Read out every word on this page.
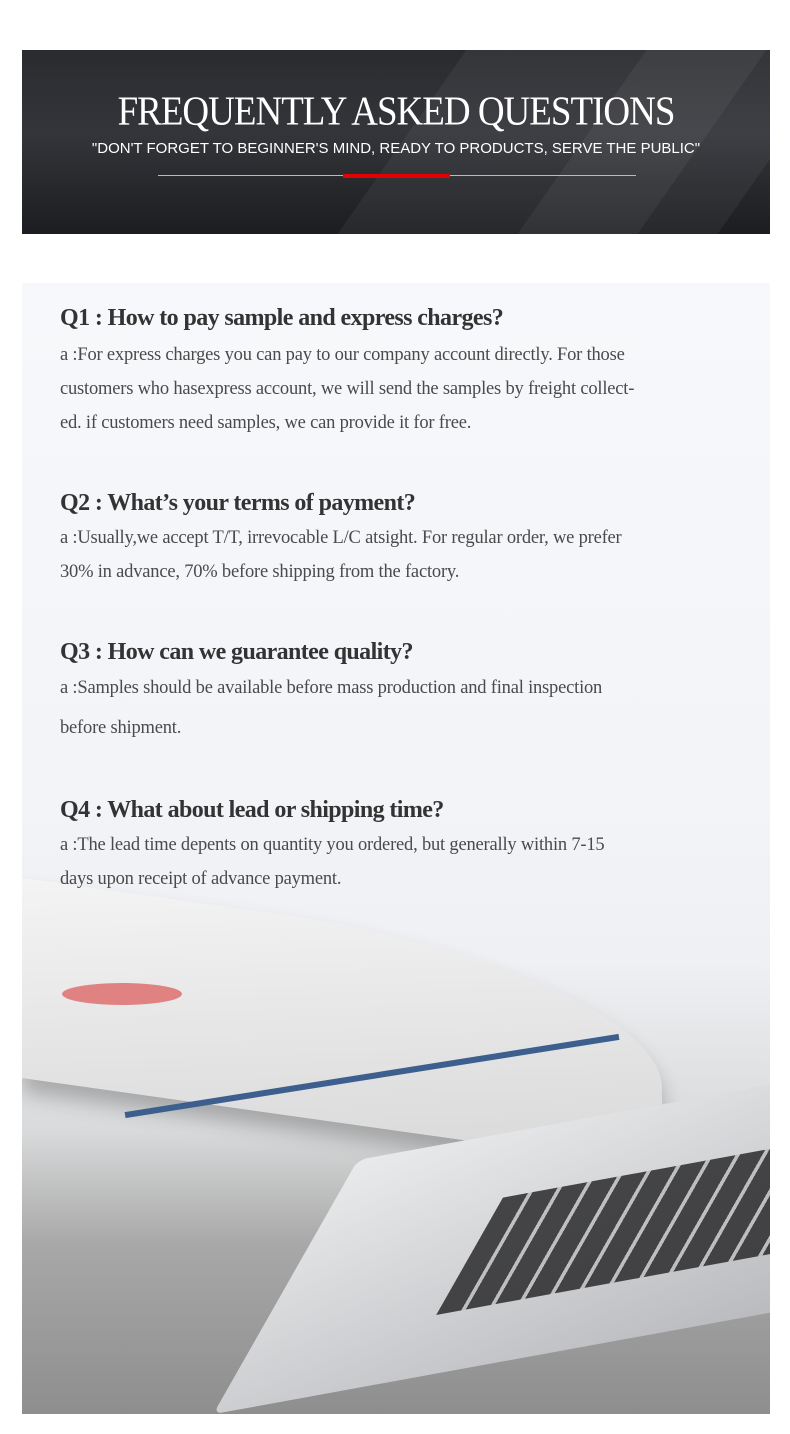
FREQUENTLY ASKED QUESTIONS
"DON'T FORGET TO BEGINNER'S MIND, READY TO PRODUCTS, SERVE THE PUBLIC"

Q1 : How to pay sample and express charges?

a :For express charges you can pay to our company account directly. For those
customers who hasexpress account, we will send the samples by freight collect-
ed. if customers need samples, we can provide it for free.

Q2 : What’s your terms of payment?

a :Usually,we accept T/T, irrevocable L/C atsight. For regular order, we prefer
30% in advance, 70% before shipping from the factory.

Q3 : How can we guarantee quality?

a :Samples should be available before mass production and final inspection
before shipment.

Q4 : What about lead or shipping time?

a :The lead time depents on quantity you ordered, but generally within 7-15
days upon receipt of advance payment.
